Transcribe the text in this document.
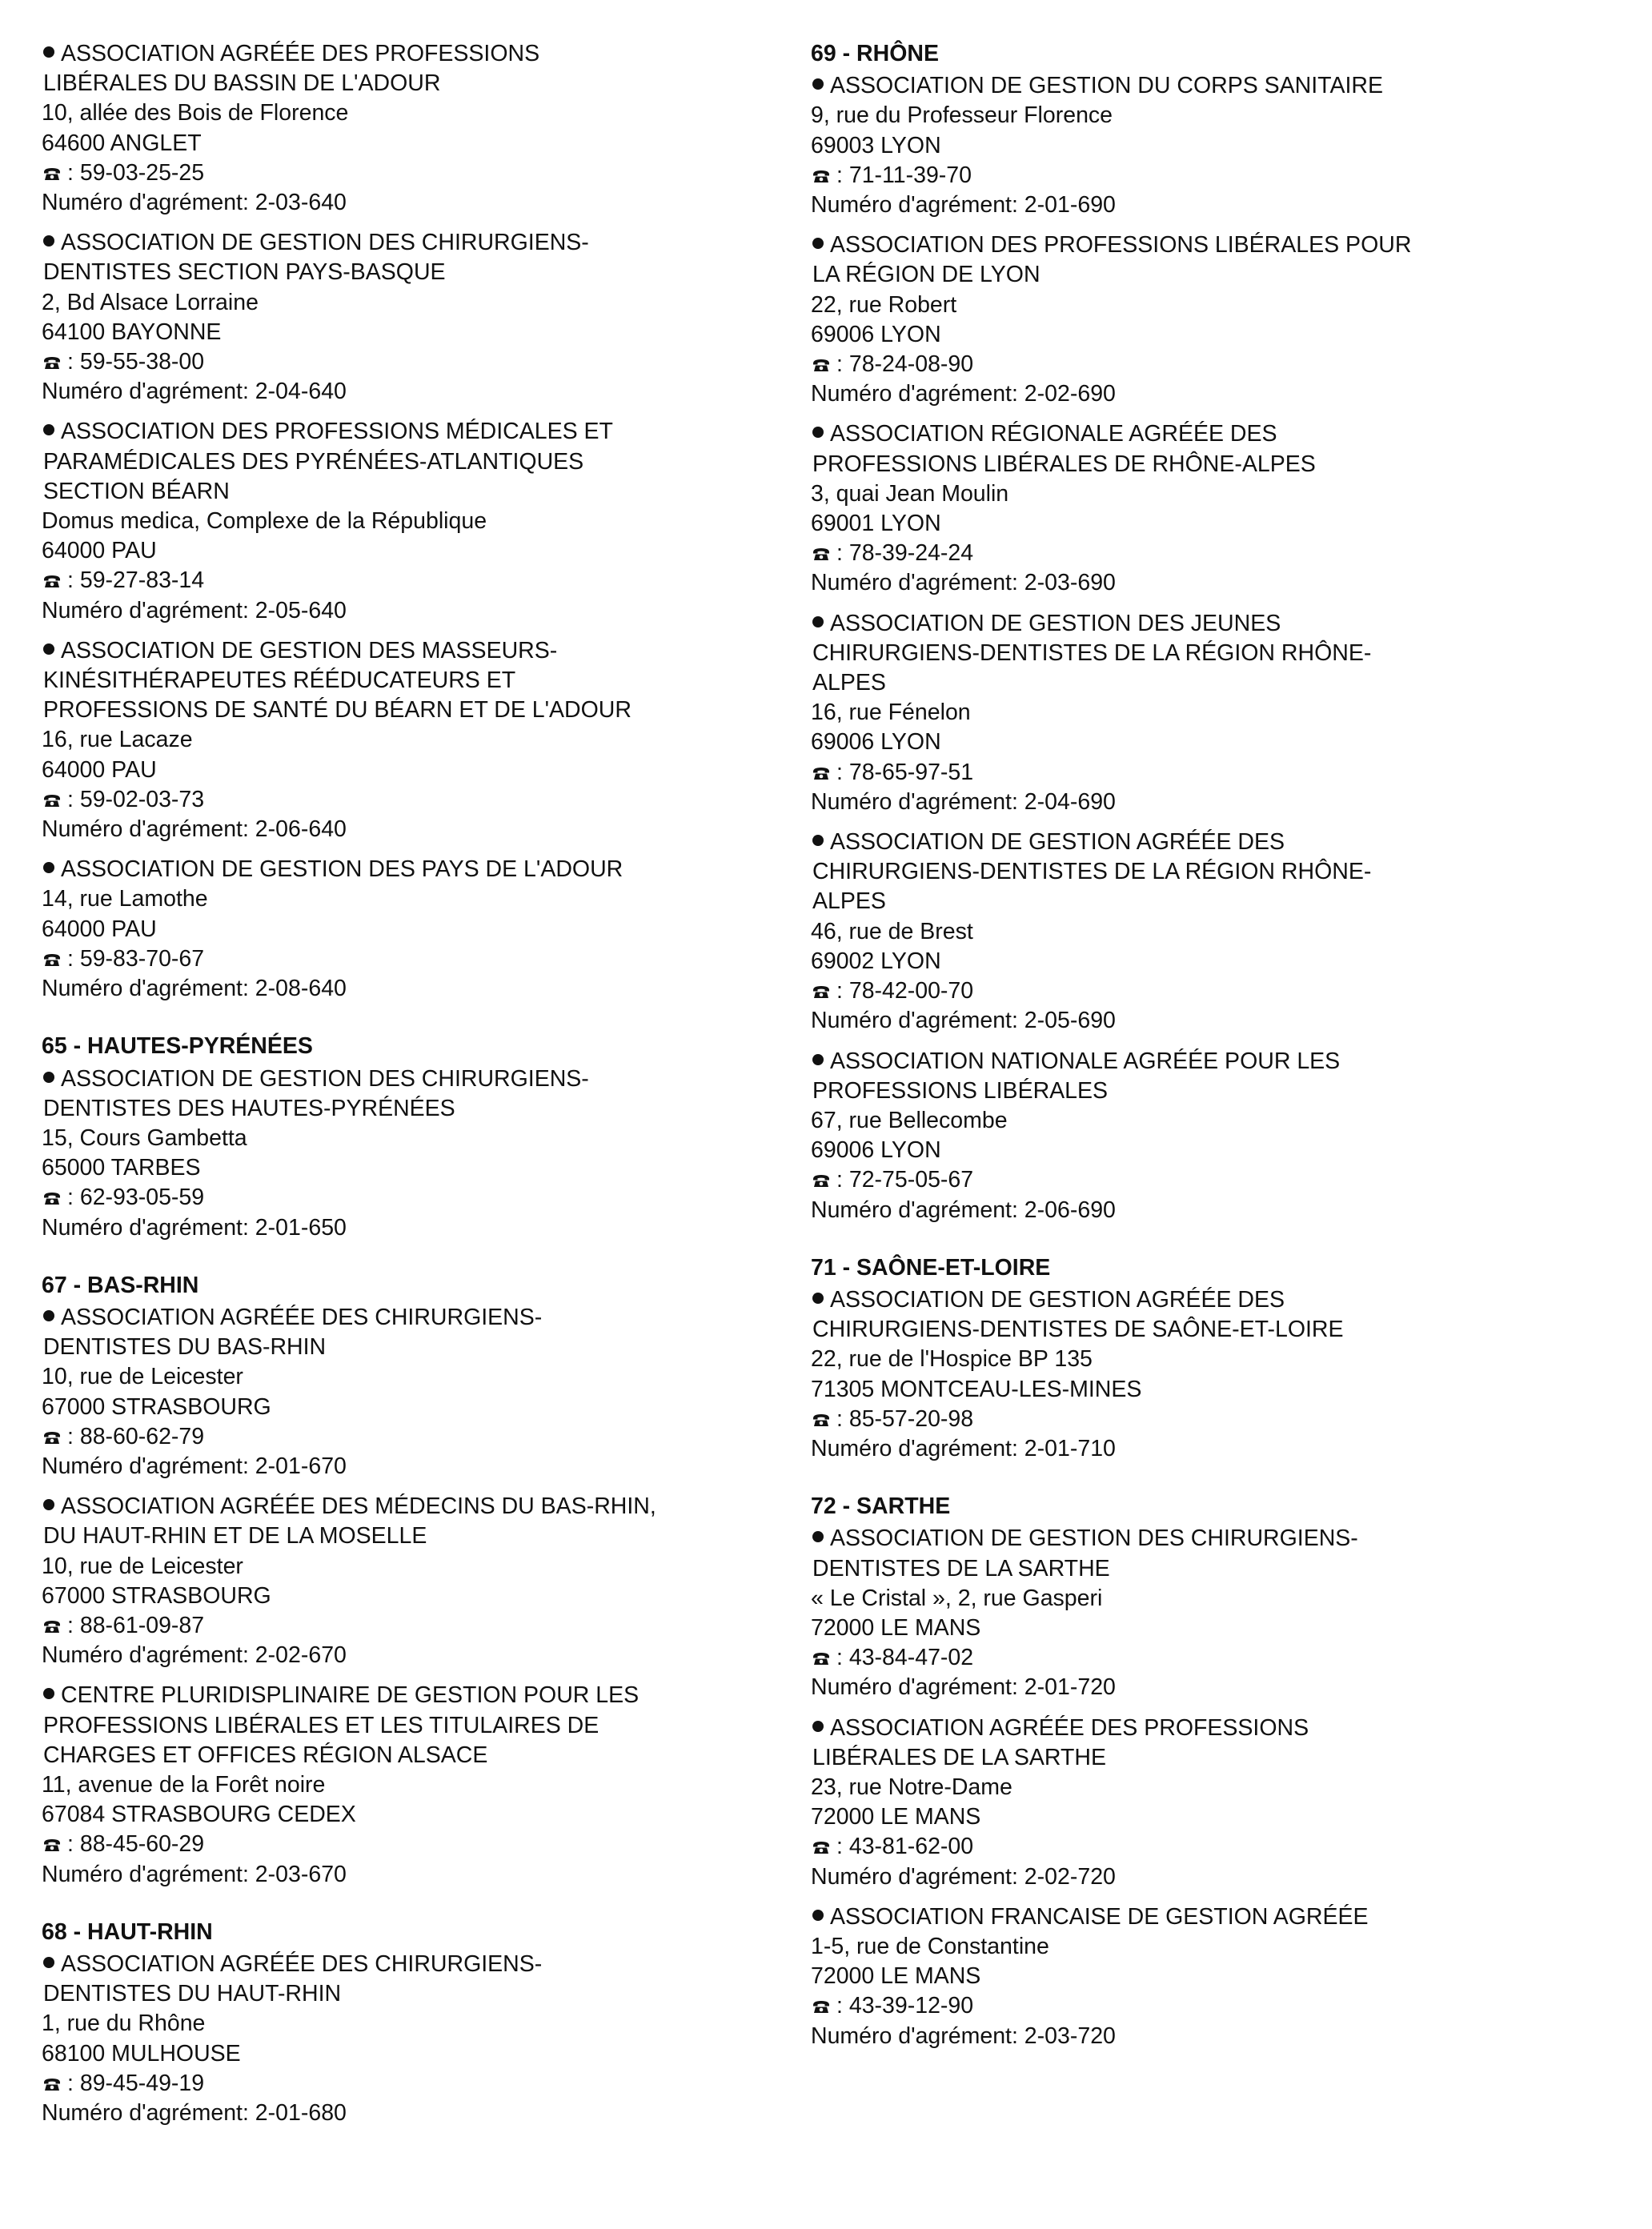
ASSOCIATION AGRÉÉE DES PROFESSIONS
LIBÉRALES DU BASSIN DE L'ADOUR
10, allée des Bois de Florence
64600 ANGLET
: 59-03-25-25
Numéro d'agrément: 2-03-640
ASSOCIATION DE GESTION DES CHIRURGIENS-
DENTISTES SECTION PAYS-BASQUE
2, Bd Alsace Lorraine
64100 BAYONNE
: 59-55-38-00
Numéro d'agrément: 2-04-640
ASSOCIATION DES PROFESSIONS MÉDICALES ET
PARAMÉDICALES DES PYRÉNÉES-ATLANTIQUES
SECTION BÉARN
Domus medica, Complexe de la République
64000 PAU
: 59-27-83-14
Numéro d'agrément: 2-05-640
ASSOCIATION DE GESTION DES MASSEURS-
KINÉSITHÉRAPEUTES RÉÉDUCATEURS ET
PROFESSIONS DE SANTÉ DU BÉARN ET DE L'ADOUR
16, rue Lacaze
64000 PAU
: 59-02-03-73
Numéro d'agrément: 2-06-640
ASSOCIATION DE GESTION DES PAYS DE L'ADOUR
14, rue Lamothe
64000 PAU
: 59-83-70-67
Numéro d'agrément: 2-08-640
65 - HAUTES-PYRÉNÉES
ASSOCIATION DE GESTION DES CHIRURGIENS-
DENTISTES DES HAUTES-PYRÉNÉES
15, Cours Gambetta
65000 TARBES
: 62-93-05-59
Numéro d'agrément: 2-01-650
67 - BAS-RHIN
ASSOCIATION AGRÉÉE DES CHIRURGIENS-
DENTISTES DU BAS-RHIN
10, rue de Leicester
67000 STRASBOURG
: 88-60-62-79
Numéro d'agrément: 2-01-670
ASSOCIATION AGRÉÉE DES MÉDECINS DU BAS-RHIN,
DU HAUT-RHIN ET DE LA MOSELLE
10, rue de Leicester
67000 STRASBOURG
: 88-61-09-87
Numéro d'agrément: 2-02-670
CENTRE PLURIDISPLINAIRE DE GESTION POUR LES
PROFESSIONS LIBÉRALES ET LES TITULAIRES DE
CHARGES ET OFFICES RÉGION ALSACE
11, avenue de la Forêt noire
67084 STRASBOURG CEDEX
: 88-45-60-29
Numéro d'agrément: 2-03-670
68 - HAUT-RHIN
ASSOCIATION AGRÉÉE DES CHIRURGIENS-
DENTISTES DU HAUT-RHIN
1, rue du Rhône
68100 MULHOUSE
: 89-45-49-19
Numéro d'agrément: 2-01-680
69 - RHÔNE
ASSOCIATION DE GESTION DU CORPS SANITAIRE
9, rue du Professeur Florence
69003 LYON
: 71-11-39-70
Numéro d'agrément: 2-01-690
ASSOCIATION DES PROFESSIONS LIBÉRALES POUR
LA RÉGION DE LYON
22, rue Robert
69006 LYON
: 78-24-08-90
Numéro d'agrément: 2-02-690
ASSOCIATION RÉGIONALE AGRÉÉE DES
PROFESSIONS LIBÉRALES DE RHÔNE-ALPES
3, quai Jean Moulin
69001 LYON
: 78-39-24-24
Numéro d'agrément: 2-03-690
ASSOCIATION DE GESTION DES JEUNES
CHIRURGIENS-DENTISTES DE LA RÉGION RHÔNE-
ALPES
16, rue Fénelon
69006 LYON
: 78-65-97-51
Numéro d'agrément: 2-04-690
ASSOCIATION DE GESTION AGRÉÉE DES
CHIRURGIENS-DENTISTES DE LA RÉGION RHÔNE-
ALPES
46, rue de Brest
69002 LYON
: 78-42-00-70
Numéro d'agrément: 2-05-690
ASSOCIATION NATIONALE AGRÉÉE POUR LES
PROFESSIONS LIBÉRALES
67, rue Bellecombe
69006 LYON
: 72-75-05-67
Numéro d'agrément: 2-06-690
71 - SAÔNE-ET-LOIRE
ASSOCIATION DE GESTION AGRÉÉE DES
CHIRURGIENS-DENTISTES DE SAÔNE-ET-LOIRE
22, rue de l'Hospice BP 135
71305 MONTCEAU-LES-MINES
: 85-57-20-98
Numéro d'agrément: 2-01-710
72 - SARTHE
ASSOCIATION DE GESTION DES CHIRURGIENS-
DENTISTES DE LA SARTHE
« Le Cristal », 2, rue Gasperi
72000 LE MANS
: 43-84-47-02
Numéro d'agrément: 2-01-720
ASSOCIATION AGRÉÉE DES PROFESSIONS
LIBÉRALES DE LA SARTHE
23, rue Notre-Dame
72000 LE MANS
: 43-81-62-00
Numéro d'agrément: 2-02-720
ASSOCIATION FRANCAISE DE GESTION AGRÉÉE
1-5, rue de Constantine
72000 LE MANS
: 43-39-12-90
Numéro d'agrément: 2-03-720
